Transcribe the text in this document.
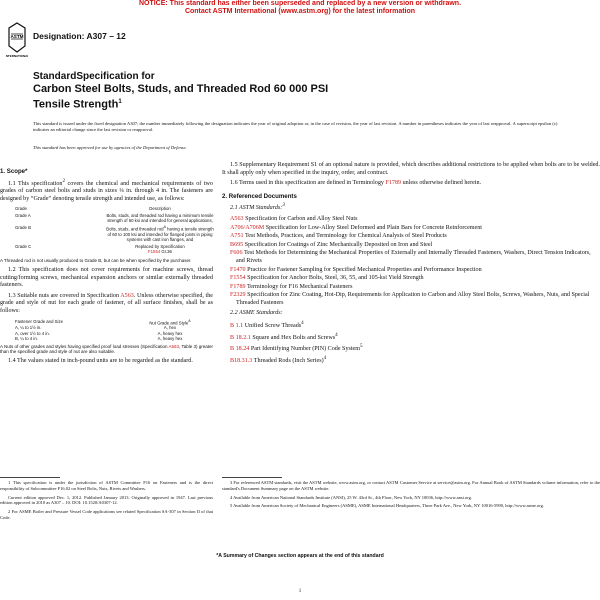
NOTICE: This standard has either been superseded and replaced by a new version or withdrawn.
Contact ASTM International (www.astm.org) for the latest information
ASTM
INTERNATIONAL
Designation: A307 – 12
StandardSpecification for
Carbon Steel Bolts, Studs, and Threaded Rod 60 000 PSI
Tensile Strength$^1$
This standard is issued under the fixed designation A307; the number immediately following the designation indicates the year of original adoption or, in the case of revision, the year of last revision. A number in parentheses indicates the year of last reapproval. A superscript epsilon (ε) indicates an editorial change since the last revision or reapproval.
This standard has been approved for use by agencies of the Department of Defense.
1. Scope*

1.1 This specification$^2$ covers the chemical and mechanical requirements of two grades of carbon steel bolts and studs in sizes ¼ in. through 4 in. The fasteners are designed by “Grade” denoting tensile strength and intended use, as follows:

Grade	Description
Grade A	Bolts, studs, and threaded rod having a minimum tensile strength of 60 ksi and intended for general applications,
Grade B	Bolts, studs, and threaded rod$^A$ having a tensile strength of 60 to 100 ksi and intended for flanged joints in piping systems with cast iron flanges, and
Grade C	Replaced by Specification
F1554 Gr.36

A Threaded rod is not usually produced to Grade B, but can be when specified by the purchaser.

1.2 This specification does not cover requirements for machine screws, thread cutting/forming screws, mechanical expansion anchors or similar externally threaded fasteners.

1.3 Suitable nuts are covered in Specification A563. Unless otherwise specified, the grade and style of nut for each grade of fastener, of all surface finishes, shall be as follows:

Fastener Grade and Size	Nut Grade and Style$^A$
A, ¼ to 1½ in.	A, hex
A, over 1½ to 4 in.	A, heavy hex
B, ¼ to 4 in.	A, heavy hex

A Nuts of other grades and styles having specified proof load stresses (Specification A563, Table 3) greater than the specified grade and style of nut are also suitable.

1.4 The values stated in inch-pound units are to be regarded as the standard.

1.5 Supplementary Requirement S1 of an optional nature is provided, which describes additional restrictions to be applied when bolts are to be welded. It shall apply only when specified in the inquiry, order, and contract.

1.6 Terms used in this specification are defined in Terminology F1789 unless otherwise defined herein.

2. Referenced Documents

2.1 ASTM Standards:$^3$

A563 Specification for Carbon and Alloy Steel Nuts

A706/A706M Specification for Low-Alloy Steel Deformed and Plain Bars for Concrete Reinforcement

A751 Test Methods, Practices, and Terminology for Chemical Analysis of Steel Products

B695 Specification for Coatings of Zinc Mechanically Deposited on Iron and Steel

F606 Test Methods for Determining the Mechanical Properties of Externally and Internally Threaded Fasteners, Washers, Direct Tension Indicators, and Rivets

F1470 Practice for Fastener Sampling for Specified Mechanical Properties and Performance Inspection

F1554 Specification for Anchor Bolts, Steel, 36, 55, and 105-ksi Yield Strength

F1789 Terminology for F16 Mechanical Fasteners

F2329 Specification for Zinc Coating, Hot-Dip, Requirements for Application to Carbon and Alloy Steel Bolts, Screws, Washers, Nuts, and Special Threaded Fasteners

2.2 ASME Standards:

B 1.1 Unified Screw Threads$^4$

B 18.2.1 Square and Hex Bolts and Screws$^4$

B 18.24 Part Identifying Number (PIN) Code System$^5$

B18.31.3 Threaded Rods (Inch Series)$^4$

1 This specification is under the jurisdiction of ASTM Committee F16 on Fasteners and is the direct responsibility of Subcommittee F16.02 on Steel Bolts, Nuts, Rivets and Washers.

Current edition approved Dec. 1, 2012. Published January 2013. Originally approved in 1947. Last previous edition approved in 2010 as A307 – 10. DOI: 10.1520/A0307-12.

2 For ASME Boiler and Pressure Vessel Code applications see related Specification SA-307 in Section II of that Code.

3 For referenced ASTM standards, visit the ASTM website, www.astm.org, or contact ASTM Customer Service at service@astm.org. For Annual Book of ASTM Standards volume information, refer to the standard's Document Summary page on the ASTM website.

4 Available from American National Standards Institute (ANSI), 25 W. 43rd St., 4th Floor, New York, NY 10036, http://www.ansi.org.

5 Available from American Society of Mechanical Engineers (ASME), ASME International Headquarters, Three Park Ave., New York, NY 10016-5990, http://www.asme.org.

*A Summary of Changes section appears at the end of this standard
1
